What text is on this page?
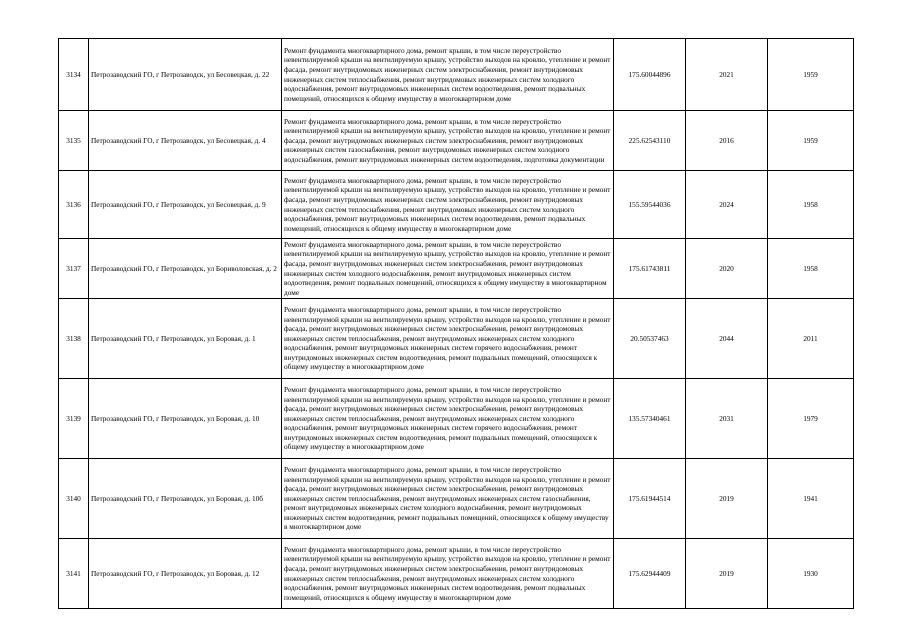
3134	Петрозаводский ГО, г Петрозаводск, ул Бесовецкая, д. 22	Ремонт фундамента многоквартирного дома, ремонт крыши, в том числе переустройство невентилируемой крыши на вентилируемую крышу, устройство выходов на кровлю, утепление и ремонт фасада, ремонт внутридомовых инженерных систем электроснабжения, ремонт внутридомовых инженерных систем теплоснабжения, ремонт внутридомовых инженерных систем холодного водоснабжения, ремонт внутридомовых инженерных систем водоотведения, ремонт подвальных помещений, относящихся к общему имуществу в многоквартирном доме	175.60044896	2021	1959
3135	Петрозаводский ГО, г Петрозаводск, ул Бесовецкая, д. 4	Ремонт фундамента многоквартирного дома, ремонт крыши, в том числе переустройство невентилируемой крыши на вентилируемую крышу, устройство выходов на кровлю, утепление и ремонт фасада, ремонт внутридомовых инженерных систем электроснабжения, ремонт внутридомовых инженерных систем газоснабжения, ремонт внутридомовых инженерных систем холодного водоснабжения, ремонт внутридомовых инженерных систем водоотведения, подготовка документации	225.62543110	2016	1959
3136	Петрозаводский ГО, г Петрозаводск, ул Бесовецкая, д. 9	Ремонт фундамента многоквартирного дома, ремонт крыши, в том числе переустройство невентилируемой крыши на вентилируемую крышу, устройство выходов на кровлю, утепление и ремонт фасада, ремонт внутридомовых инженерных систем электроснабжения, ремонт внутридомовых инженерных систем теплоснабжения, ремонт внутридомовых инженерных систем холодного водоснабжения, ремонт внутридомовых инженерных систем водоотведения, ремонт подвальных помещений, относящихся к общему имуществу в многоквартирном доме	155.59544036	2024	1958
3137	Петрозаводский ГО, г Петрозаводск, ул Бориволовская, д. 2	Ремонт фундамента многоквартирного дома, ремонт крыши, в том числе переустройство невентилируемой крыши на вентилируемую крышу, устройство выходов на кровлю, утепление и ремонт фасада, ремонт внутридомовых инженерных систем электроснабжения, ремонт внутридомовых инженерных систем холодного водоснабжения, ремонт внутридомовых инженерных систем водоотведения, ремонт подвальных помещений, относящихся к общему имуществу в многоквартирном доме	175.61743811	2020	1958
3138	Петрозаводский ГО, г Петрозаводск, ул Боровая, д. 1	Ремонт фундамента многоквартирного дома, ремонт крыши, в том числе переустройство невентилируемой крыши на вентилируемую крышу, устройство выходов на кровлю, утепление и ремонт фасада, ремонт внутридомовых инженерных систем электроснабжения, ремонт внутридомовых инженерных систем теплоснабжения, ремонт внутридомовых инженерных систем холодного водоснабжения, ремонт внутридомовых инженерных систем горячего водоснабжения, ремонт внутридомовых инженерных систем водоотведения, ремонт подвальных помещений, относящихся к общему имуществу в многоквартирном доме	20.50537463	2044	2011
3139	Петрозаводский ГО, г Петрозаводск, ул Боровая, д. 10	Ремонт фундамента многоквартирного дома, ремонт крыши, в том числе переустройство невентилируемой крыши на вентилируемую крышу, устройство выходов на кровлю, утепление и ремонт фасада, ремонт внутридомовых инженерных систем электроснабжения, ремонт внутридомовых инженерных систем теплоснабжения, ремонт внутридомовых инженерных систем холодного водоснабжения, ремонт внутридомовых инженерных систем горячего водоснабжения, ремонт внутридомовых инженерных систем водоотведения, ремонт подвальных помещений, относящихся к общему имуществу в многоквартирном доме	135.57340461	2031	1979
3140	Петрозаводский ГО, г Петрозаводск, ул Боровая, д. 10б	Ремонт фундамента многоквартирного дома, ремонт крыши, в том числе переустройство невентилируемой крыши на вентилируемую крышу, устройство выходов на кровлю, утепление и ремонт фасада, ремонт внутридомовых инженерных систем электроснабжения, ремонт внутридомовых инженерных систем теплоснабжения, ремонт внутридомовых инженерных систем газоснабжения, ремонт внутридомовых инженерных систем холодного водоснабжения, ремонт внутридомовых инженерных систем водоотведения, ремонт подвальных помещений, относящихся к общему имуществу в многоквартирном доме	175.61944514	2019	1941
3141	Петрозаводский ГО, г Петрозаводск, ул Боровая, д. 12	Ремонт фундамента многоквартирного дома, ремонт крыши, в том числе переустройство невентилируемой крыши на вентилируемую крышу, устройство выходов на кровлю, утепление и ремонт фасада, ремонт внутридомовых инженерных систем электроснабжения, ремонт внутридомовых инженерных систем теплоснабжения, ремонт внутридомовых инженерных систем холодного водоснабжения, ремонт внутридомовых инженерных систем водоотведения, ремонт подвальных помещений, относящихся к общему имуществу в многоквартирном доме	175.62944409	2019	1930
